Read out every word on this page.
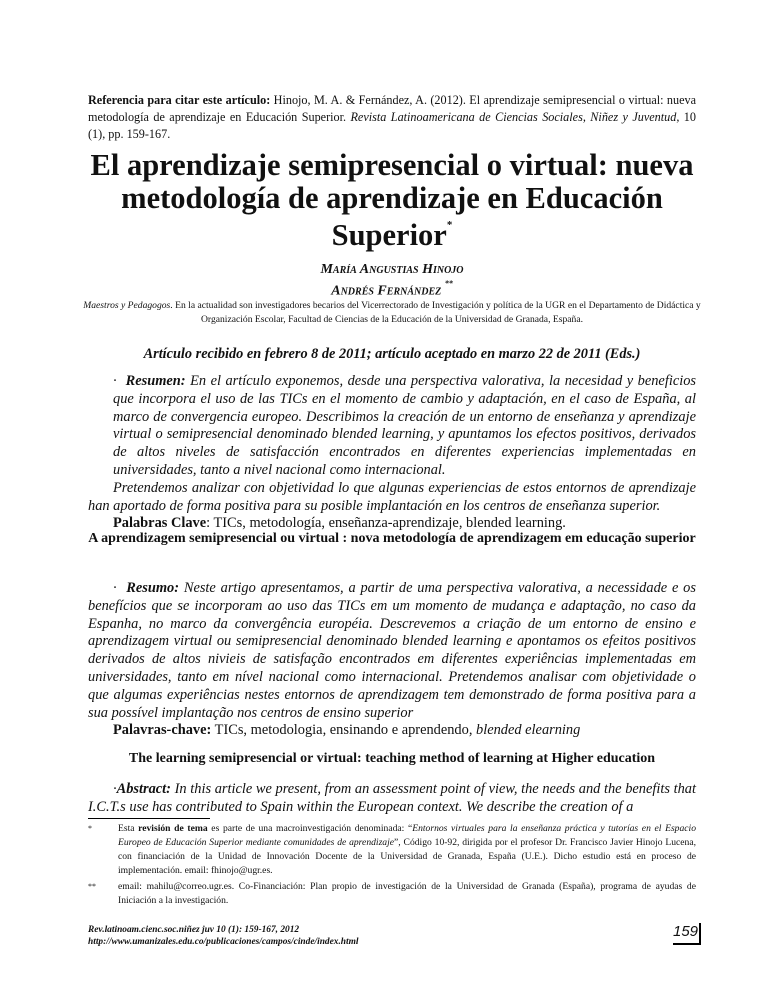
Referencia para citar este artículo: Hinojo, M. A. & Fernández, A. (2012). El aprendizaje semipresencial o virtual: nueva metodología de aprendizaje en Educación Superior. Revista Latinoamericana de Ciencias Sociales, Niñez y Juventud, 10 (1), pp. 159-167.
El aprendizaje semipresencial o virtual: nueva
metodología de aprendizaje en Educación
Superior*
María Angustias Hinojo
Andrés Fernández **
Maestros y Pedagogos. En la actualidad son investigadores becarios del Vicerrectorado de Investigación y política de la UGR en el Departamento de Didáctica y Organización Escolar, Facultad de Ciencias de la Educación de la Universidad de Granada, España.
Artículo recibido en febrero 8 de 2011; artículo aceptado en marzo 22 de 2011 (Eds.)
· Resumen: En el artículo exponemos, desde una perspectiva valorativa, la necesidad y beneficios que incorpora el uso de las TICs en el momento de cambio y adaptación, en el caso de España, al marco de convergencia europeo. Describimos la creación de un entorno de enseñanza y aprendizaje virtual o semipresencial denominado blended learning, y apuntamos los efectos positivos, derivados de altos niveles de satisfacción encontrados en diferentes experiencias implementadas en universidades, tanto a nivel nacional como internacional.
Pretendemos analizar con objetividad lo que algunas experiencias de estos entornos de aprendizaje han aportado de forma positiva para su posible implantación en los centros de enseñanza superior.
Palabras Clave: TICs, metodología, enseñanza-aprendizaje, blended learning.
A aprendizagem semipresencial ou virtual : nova metodología de aprendizagem em educação superior
· Resumo: Neste artigo apresentamos, a partir de uma perspectiva valorativa, a necessidade e os benefícios que se incorporam ao uso das TICs em um momento de mudança e adaptação, no caso da Espanha, no marco da convergência européia. Descrevemos a criação de um entorno de ensino e aprendizagem virtual ou semipresencial denominado blended learning e apontamos os efeitos positivos derivados de altos nivieis de satisfação encontrados em diferentes experiências implementadas em universidades, tanto em nível nacional como internacional. Pretendemos analisar com objetividade o que algumas experiências nestes entornos de aprendizagem tem demonstrado de forma positiva para a sua possível implantação nos centros de ensino superior
Palavras-chave: TICs, metodologia, ensinando e aprendendo, blended elearning
The learning semipresencial or virtual: teaching method of learning at Higher education
·Abstract: In this article we present, from an assessment point of view, the needs and the benefits that I.C.T.s use has contributed to Spain within the European context. We describe the creation of a
*	Esta revisión de tema es parte de una macroinvestigación denominada: “Entornos virtuales para la enseñanza práctica y tutorías en el Espacio Europeo de Educación Superior mediante comunidades de aprendizaje”, Código 10-92, dirigida por el profesor Dr. Francisco Javier Hinojo Lucena, con financiación de la Unidad de Innovación Docente de la Universidad de Granada, España (U.E.). Dicho estudio está en proceso de implementación. email: fhinojo@ugr.es.
**	email: mahilu@correo.ugr.es. Co-Financiación: Plan propio de investigación de la Universidad de Granada (España), programa de ayudas de Iniciación a la investigación.
Rev.latinoam.cienc.soc.niñez juv 10 (1): 159-167, 2012
http://www.umanizales.edu.co/publicaciones/campos/cinde/index.html
159
